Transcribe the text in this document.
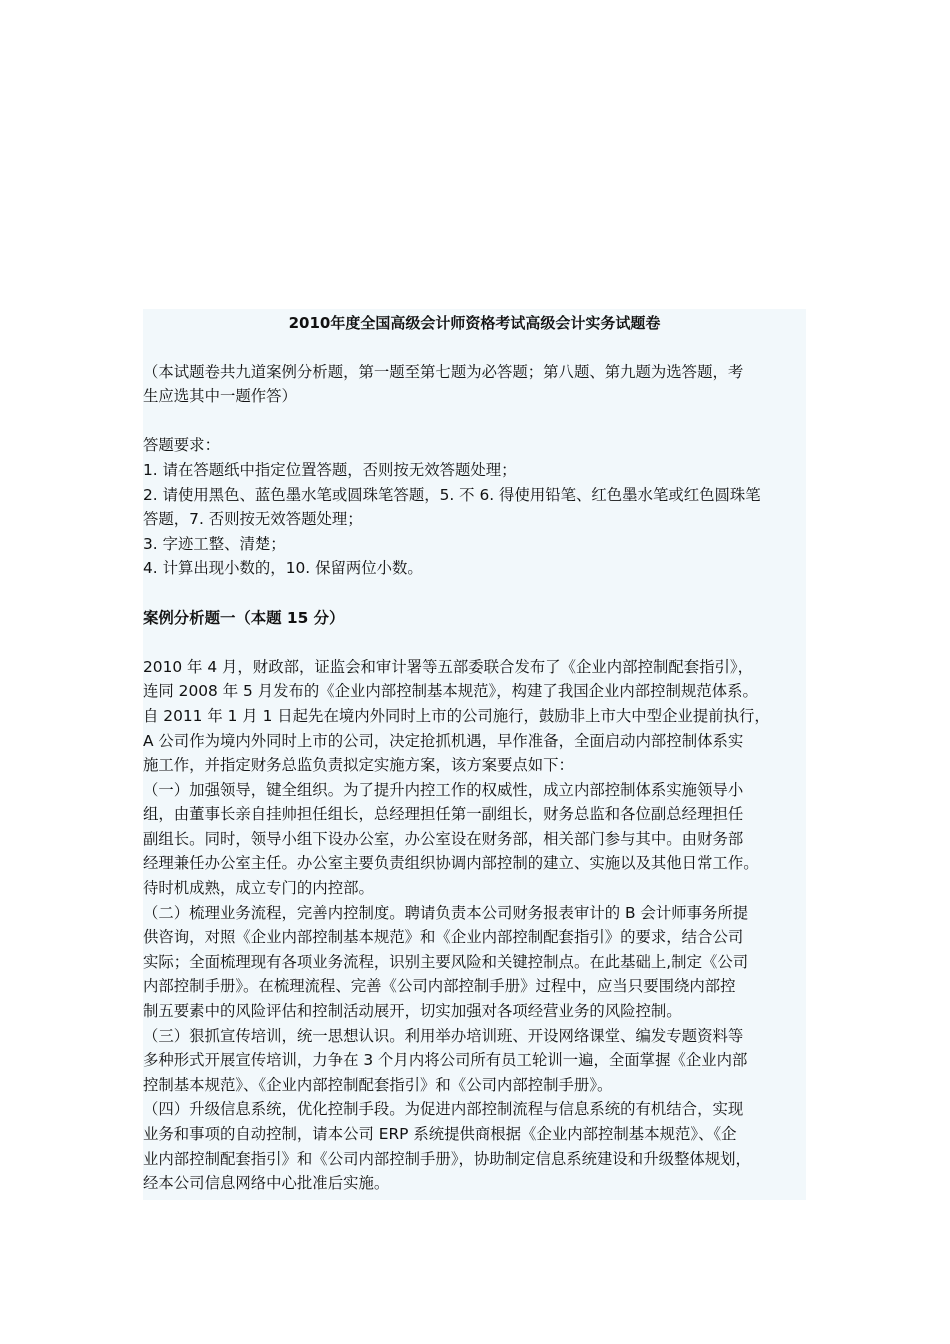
2010年度全国高级会计师资格考试高级会计实务试题卷
（本试题卷共九道案例分析题，第一题至第七题为必答题；第八题、第九题为选答题，考
生应选其中一题作答）
答题要求：
1. 请在答题纸中指定位置答题，否则按无效答题处理；
2. 请使用黑色、蓝色墨水笔或圆珠笔答题，5. 不 6. 得使用铅笔、红色墨水笔或红色圆珠笔
答题，7. 否则按无效答题处理；
3. 字迹工整、清楚；
4. 计算出现小数的，10. 保留两位小数。
案例分析题一（本题 15 分）
2010 年 4 月，财政部，证监会和审计署等五部委联合发布了《企业内部控制配套指引》，
连同 2008 年 5 月发布的《企业内部控制基本规范》，构建了我国企业内部控制规范体系。
自 2011 年 1 月 1 日起先在境内外同时上市的公司施行，鼓励非上市大中型企业提前执行，
A 公司作为境内外同时上市的公司，决定抢抓机遇，早作准备，全面启动内部控制体系实
施工作，并指定财务总监负责拟定实施方案，该方案要点如下：
（一）加强领导，键全组织。为了提升内控工作的权威性，成立内部控制体系实施领导小
组，由董事长亲自挂帅担任组长，总经理担任第一副组长，财务总监和各位副总经理担任
副组长。同时，领导小组下设办公室，办公室设在财务部，相关部门参与其中。由财务部
经理兼任办公室主任。办公室主要负责组织协调内部控制的建立、实施以及其他日常工作。
待时机成熟，成立专门的内控部。
（二）梳理业务流程，完善内控制度。聘请负责本公司财务报表审计的 B 会计师事务所提
供咨询，对照《企业内部控制基本规范》和《企业内部控制配套指引》的要求，结合公司
实际；全面梳理现有各项业务流程，识别主要风险和关键控制点。在此基础上,制定《公司
内部控制手册》。在梳理流程、完善《公司内部控制手册》过程中，应当只要围绕内部控
制五要素中的风险评估和控制活动展开，切实加强对各项经营业务的风险控制。
（三）狠抓宣传培训，统一思想认识。利用举办培训班、开设网络课堂、编发专题资料等
多种形式开展宣传培训，力争在 3 个月内将公司所有员工轮训一遍，全面掌握《企业内部
控制基本规范》、《企业内部控制配套指引》和《公司内部控制手册》。
（四）升级信息系统，优化控制手段。为促进内部控制流程与信息系统的有机结合，实现
业务和事项的自动控制，请本公司 ERP 系统提供商根据《企业内部控制基本规范》、《企
业内部控制配套指引》和《公司内部控制手册》，协助制定信息系统建设和升级整体规划，
经本公司信息网络中心批准后实施。
